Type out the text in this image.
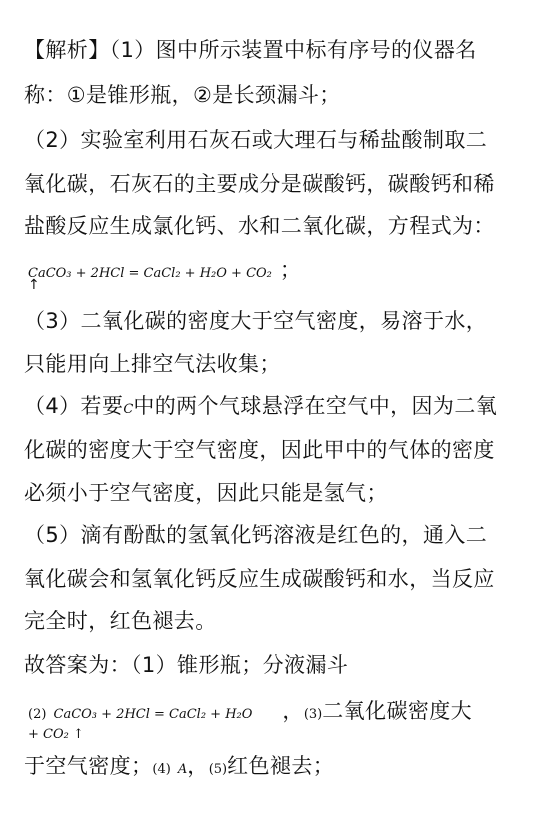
【解析】（1）图中所示装置中标有序号的仪器名
称：①是锥形瓶，②是长颈漏斗；
（2）实验室利用石灰石或大理石与稀盐酸制取二
氧化碳，石灰石的主要成分是碳酸钙，碳酸钙和稀
盐酸反应生成氯化钙、水和二氧化碳，方程式为：
CaCO₃ + 2HCl = CaCl₂ + H₂O + CO₂ ；
↑
（3）二氧化碳的密度大于空气密度，易溶于水，
只能用向上排空气法收集；
（4）若要C中的两个气球悬浮在空气中，因为二氧
化碳的密度大于空气密度，因此甲中的气体的密度
必须小于空气密度，因此只能是氢气；
（5）滴有酚酞的氢氧化钙溶液是红色的，通入二
氧化碳会和氢氧化钙反应生成碳酸钙和水，当反应
完全时，红色褪去。
故答案为：（1）锥形瓶；分液漏斗
(2) CaCO₃ + 2HCl = CaCl₂ + H₂O ，(3)二氧化碳密度大
+ CO₂ ↑
于空气密度；(4) A，(5)红色褪去；
